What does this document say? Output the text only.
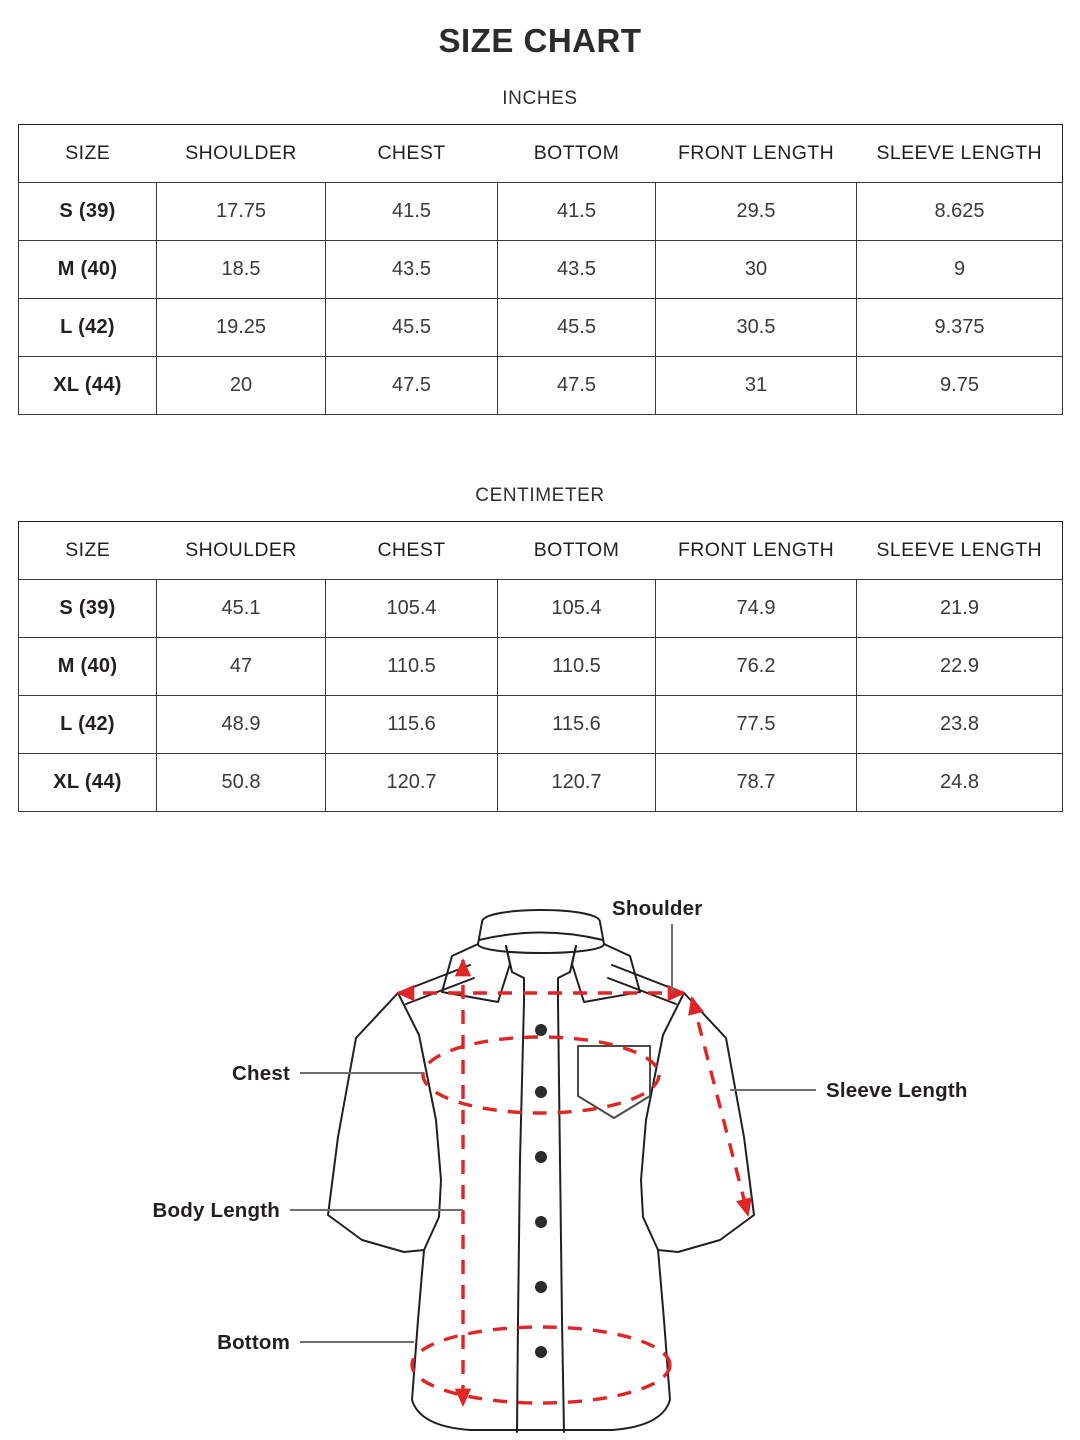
SIZE CHART
INCHES
SIZE	SHOULDER	CHEST	BOTTOM	FRONT LENGTH	SLEEVE LENGTH
S (39)	17.75	41.5	41.5	29.5	8.625
M (40)	18.5	43.5	43.5	30	9
L (42)	19.25	45.5	45.5	30.5	9.375
XL (44)	20	47.5	47.5	31	9.75
CENTIMETER
SIZE	SHOULDER	CHEST	BOTTOM	FRONT LENGTH	SLEEVE LENGTH
S (39)	45.1	105.4	105.4	74.9	21.9
M (40)	47	110.5	110.5	76.2	22.9
L (42)	48.9	115.6	115.6	77.5	23.8
XL (44)	50.8	120.7	120.7	78.7	24.8
Shoulder
Sleeve Length
Chest
Body Length
Bottom
